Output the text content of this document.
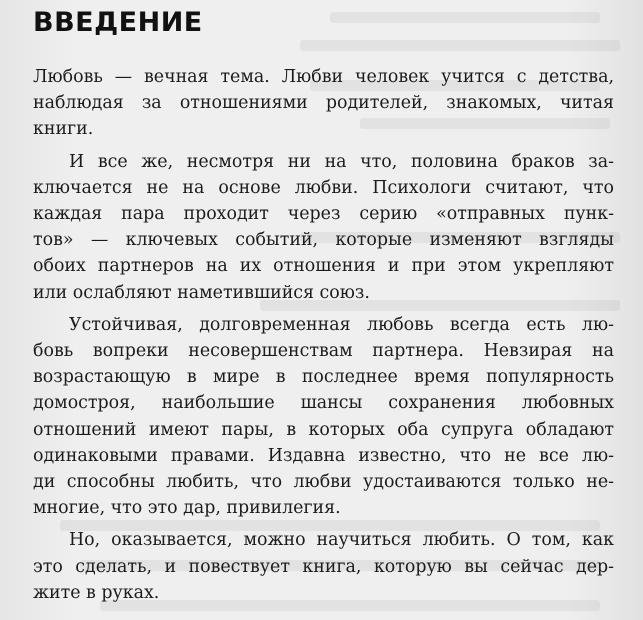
ВВЕДЕНИЕ

Любовь — вечная тема. Любви человек учится с детства,
наблюдая за отношениями родителей, знакомых, читая
книги.

И все же, несмотря ни на что, половина браков за-
ключается не на основе любви. Психологи считают, что
каждая пара проходит через серию «отправных пунк-
тов» — ключевых событий, которые изменяют взгляды
обоих партнеров на их отношения и при этом укрепляют
или ослабляют наметившийся союз.

Устойчивая, долговременная любовь всегда есть лю-
бовь вопреки несовершенствам партнера. Невзирая на
возрастающую в мире в последнее время популярность
домостроя, наибольшие шансы сохранения любовных
отношений имеют пары, в которых оба супруга обладают
одинаковыми правами. Издавна известно, что не все лю-
ди способны любить, что любви удостаиваются только не-
многие, что это дар, привилегия.

Но, оказывается, можно научиться любить. О том, как
это сделать, и повествует книга, которую вы сейчас дер-
жите в руках.
